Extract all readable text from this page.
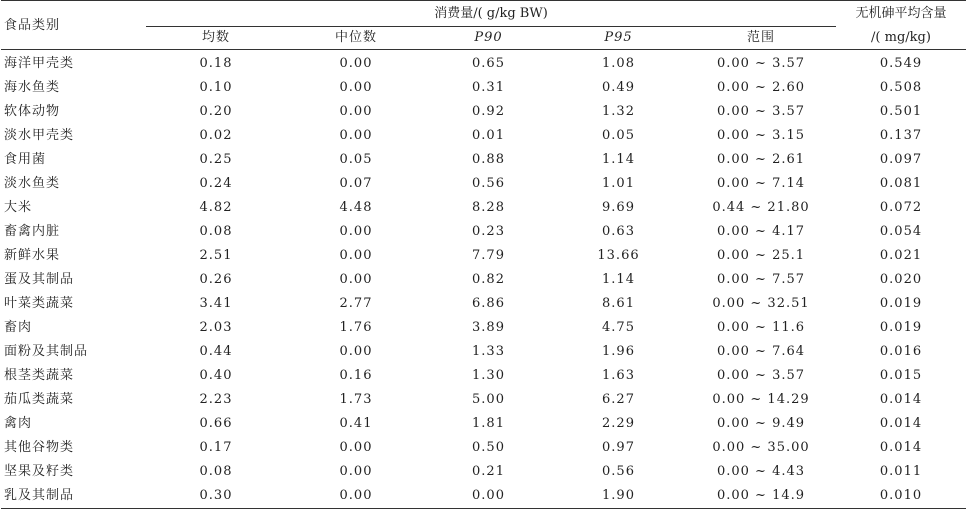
食品类别	消费量/( g/kg BW)					无机砷平均含量
	均数	中位数	P90	P95	范围	/( mg/kg)
海洋甲壳类	0.18	0.00	0.65	1.08	0.00 ~ 3.57	0.549
海水鱼类	0.10	0.00	0.31	0.49	0.00 ~ 2.60	0.508
软体动物	0.20	0.00	0.92	1.32	0.00 ~ 3.57	0.501
淡水甲壳类	0.02	0.00	0.01	0.05	0.00 ~ 3.15	0.137
食用菌	0.25	0.05	0.88	1.14	0.00 ~ 2.61	0.097
淡水鱼类	0.24	0.07	0.56	1.01	0.00 ~ 7.14	0.081
大米	4.82	4.48	8.28	9.69	0.44 ~ 21.80	0.072
畜禽内脏	0.08	0.00	0.23	0.63	0.00 ~ 4.17	0.054
新鲜水果	2.51	0.00	7.79	13.66	0.00 ~ 25.1	0.021
蛋及其制品	0.26	0.00	0.82	1.14	0.00 ~ 7.57	0.020
叶菜类蔬菜	3.41	2.77	6.86	8.61	0.00 ~ 32.51	0.019
畜肉	2.03	1.76	3.89	4.75	0.00 ~ 11.6	0.019
面粉及其制品	0.44	0.00	1.33	1.96	0.00 ~ 7.64	0.016
根茎类蔬菜	0.40	0.16	1.30	1.63	0.00 ~ 3.57	0.015
茄瓜类蔬菜	2.23	1.73	5.00	6.27	0.00 ~ 14.29	0.014
禽肉	0.66	0.41	1.81	2.29	0.00 ~ 9.49	0.014
其他谷物类	0.17	0.00	0.50	0.97	0.00 ~ 35.00	0.014
坚果及籽类	0.08	0.00	0.21	0.56	0.00 ~ 4.43	0.011
乳及其制品	0.30	0.00	0.00	1.90	0.00 ~ 14.9	0.010
